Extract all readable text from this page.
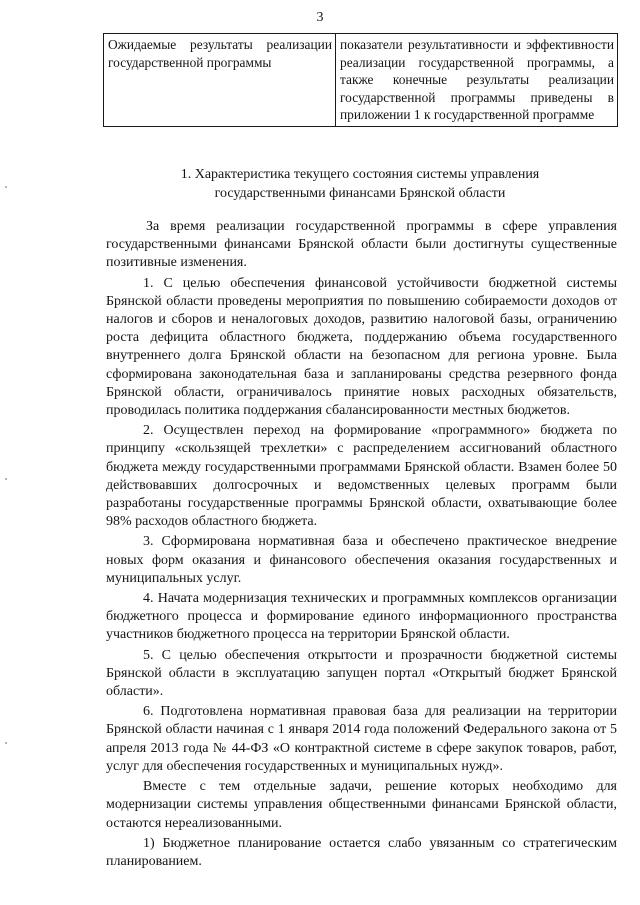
3
Ожидаемые результаты реализации государственной программы	показатели результативности и эффективности реализации государственной программы, а также конечные результаты реализации государственной программы приведены в приложении 1 к государственной программе
1. Характеристика текущего состояния системы управления
государственными финансами Брянской области

За время реализации государственной программы в сфере управления государственными финансами Брянской области были достигнуты существенные позитивные изменения.

1. С целью обеспечения финансовой устойчивости бюджетной системы Брянской области проведены мероприятия по повышению собираемости доходов от налогов и сборов и неналоговых доходов, развитию налоговой базы, ограничению роста дефицита областного бюджета, поддержанию объема государственного внутреннего долга Брянской области на безопасном для региона уровне. Была сформирована законодательная база и запланированы средства резервного фонда Брянской области, ограничивалось принятие новых расходных обязательств, проводилась политика поддержания сбалансированности местных бюджетов.

2. Осуществлен переход на формирование «программного» бюджета по принципу «скользящей трехлетки» с распределением ассигнований областного бюджета между государственными программами Брянской области. Взамен более 50 действовавших долгосрочных и ведомственных целевых программ были разработаны государственные программы Брянской области, охватывающие более 98% расходов областного бюджета.

3. Сформирована нормативная база и обеспечено практическое внедрение новых форм оказания и финансового обеспечения оказания государственных и муниципальных услуг.

4. Начата модернизация технических и программных комплексов организации бюджетного процесса и формирование единого информационного пространства участников бюджетного процесса на территории Брянской области.

5. С целью обеспечения открытости и прозрачности бюджетной системы Брянской области в эксплуатацию запущен портал «Открытый бюджет Брянской области».

6. Подготовлена нормативная правовая база для реализации на территории Брянской области начиная с 1 января 2014 года положений Федерального закона от 5 апреля 2013 года № 44-ФЗ «О контрактной системе в сфере закупок товаров, работ, услуг для обеспечения государственных и муниципальных нужд».

Вместе с тем отдельные задачи, решение которых необходимо для модернизации системы управления общественными финансами Брянской области, остаются нереализованными.

1) Бюджетное планирование остается слабо увязанным со стратегическим планированием.
